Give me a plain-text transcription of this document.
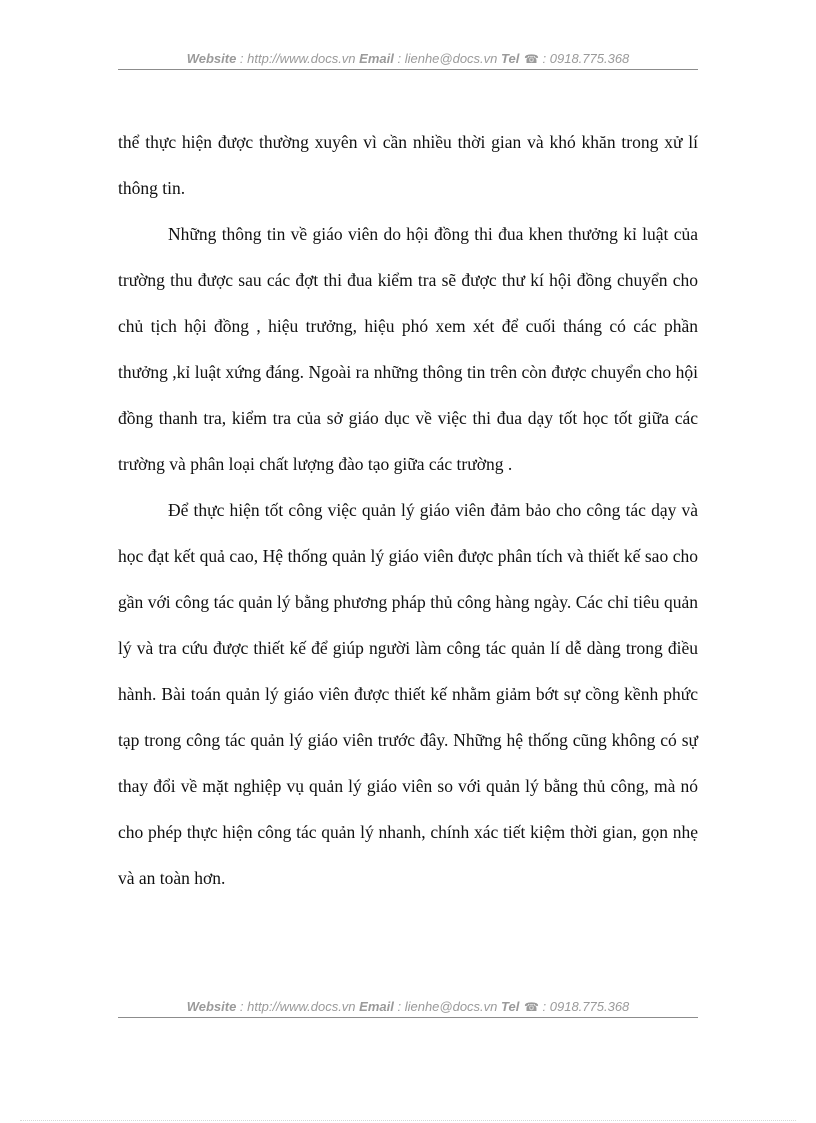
Website : http://www.docs.vn Email : lienhe@docs.vn Tel ☎ : 0918.775.368

thể thực hiện được thường xuyên vì cần nhiều thời gian và khó khăn trong xử lí thông tin.

Những thông tin về giáo viên do hội đồng thi đua khen thưởng kỉ luật của trường thu được sau các đợt thi đua kiểm tra sẽ được thư kí hội đồng chuyển cho chủ tịch hội đồng , hiệu trưởng, hiệu phó xem xét để cuối tháng có các phần thưởng ,kỉ luật xứng đáng. Ngoài ra những thông tin trên còn được chuyển cho hội đồng thanh tra, kiểm tra của sở giáo dục về việc thi đua dạy tốt học tốt giữa các trường và phân loại chất lượng đào tạo giữa các trường .

Để thực hiện tốt công việc quản lý giáo viên đảm bảo cho công tác dạy và học đạt kết quả cao, Hệ thống quản lý giáo viên được phân tích và thiết kế sao cho gần với công tác quản lý bằng phương pháp thủ công hàng ngày. Các chỉ tiêu quản lý và tra cứu được thiết kế để giúp người làm công tác quản lí dễ dàng trong điều hành. Bài toán quản lý giáo viên được thiết kế nhằm giảm bớt sự cồng kềnh phức tạp trong công tác quản lý giáo viên trước đây. Những hệ thống cũng không có sự thay đổi về mặt nghiệp vụ quản lý giáo viên so với quản lý bằng thủ công, mà nó cho phép thực hiện công tác quản lý nhanh, chính xác tiết kiệm thời gian, gọn nhẹ và an toàn hơn.

Website : http://www.docs.vn Email : lienhe@docs.vn Tel ☎ : 0918.775.368
